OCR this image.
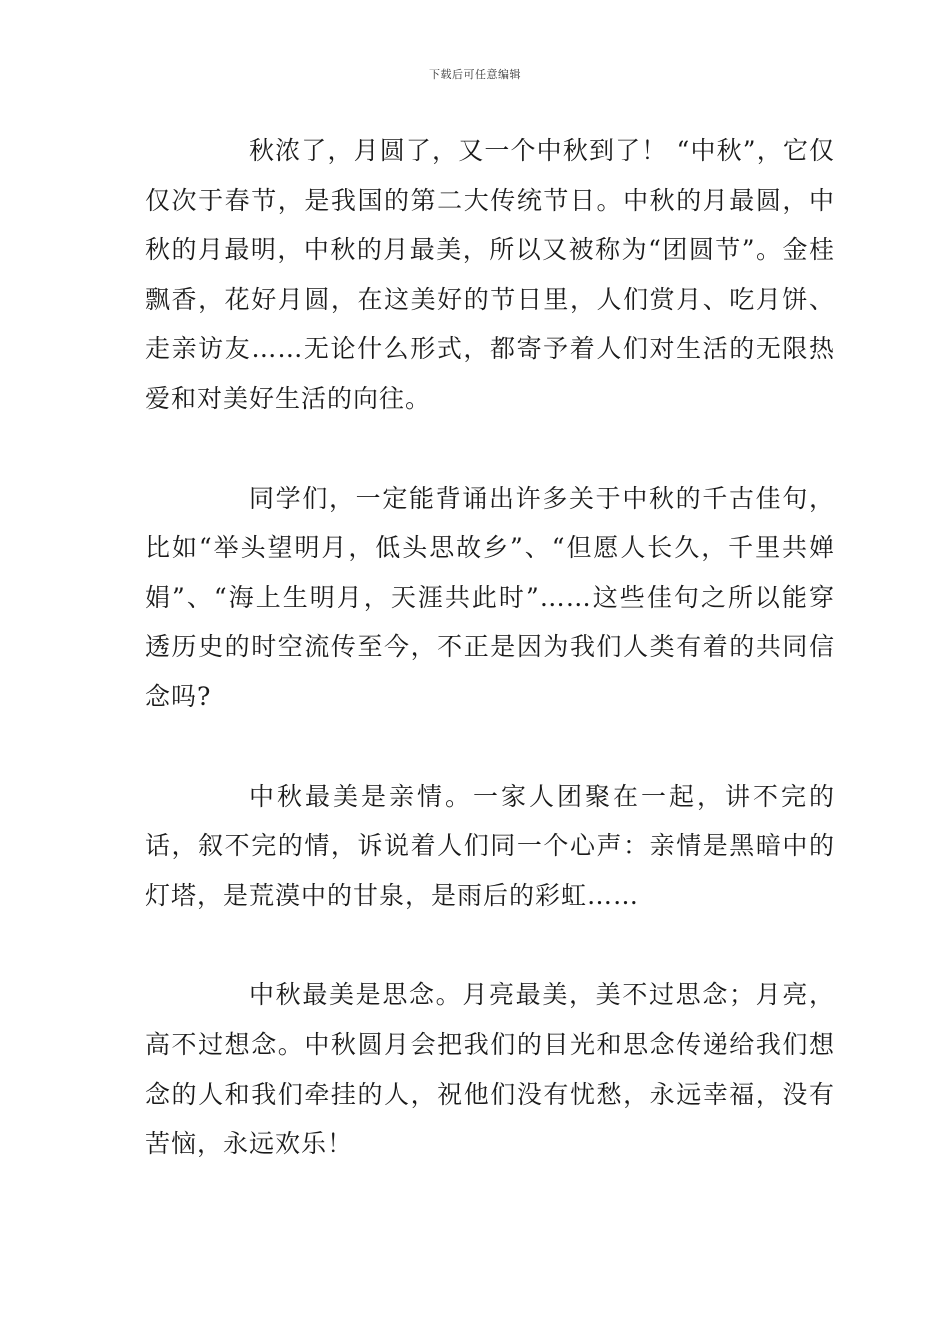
下载后可任意编辑

秋浓了，月圆了，又一个中秋到了！ “中秋”，它仅仅次于春节，是我国的第二大传统节日。中秋的月最圆，中秋的月最明，中秋的月最美，所以又被称为“团圆节”。金桂飘香，花好月圆，在这美好的节日里，人们赏月、吃月饼、走亲访友……无论什么形式，都寄予着人们对生活的无限热爱和对美好生活的向往。

同学们，一定能背诵出许多关于中秋的千古佳句，比如“举头望明月，低头思故乡”、“但愿人长久，千里共婵娟”、“海上生明月，天涯共此时”……这些佳句之所以能穿透历史的时空流传至今，不正是因为我们人类有着的共同信念吗?

中秋最美是亲情。一家人团聚在一起，讲不完的话，叙不完的情，诉说着人们同一个心声：亲情是黑暗中的灯塔，是荒漠中的甘泉，是雨后的彩虹……

中秋最美是思念。月亮最美，美不过思念；月亮，高不过想念。中秋圆月会把我们的目光和思念传递给我们想念的人和我们牵挂的人，祝他们没有忧愁，永远幸福，没有苦恼，永远欢乐！
